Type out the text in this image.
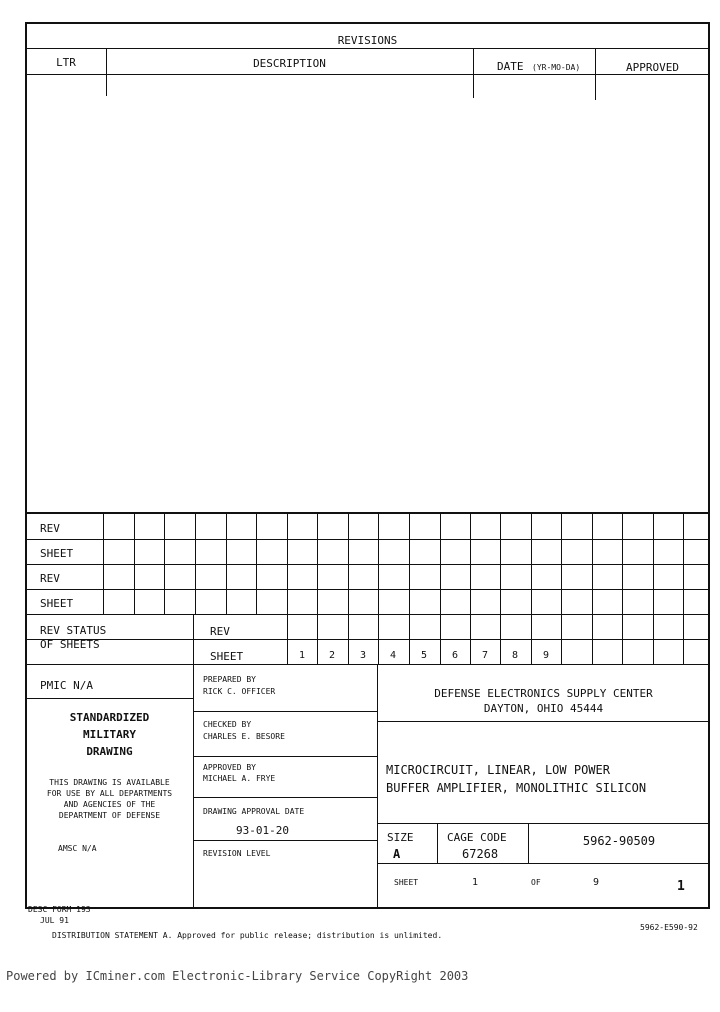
REVISIONS
LTR	DESCRIPTION	DATE (YR-MO-DA)	APPROVED
REV
SHEET
REV
SHEET
REV STATUS
OF SHEETS
REV
SHEET	1	2	3	4	5	6	7	8	9
PMIC N/A
STANDARDIZED
MILITARY
DRAWING
THIS DRAWING IS AVAILABLE
FOR USE BY ALL DEPARTMENTS
AND AGENCIES OF THE
DEPARTMENT OF DEFENSE
AMSC N/A
PREPARED BY
RICK C. OFFICER
CHECKED BY
CHARLES E. BESORE
APPROVED BY
MICHAEL A. FRYE
DRAWING APPROVAL DATE
93-01-20
REVISION LEVEL
DEFENSE ELECTRONICS SUPPLY CENTER
DAYTON, OHIO 45444
MICROCIRCUIT, LINEAR, LOW POWER
BUFFER AMPLIFIER, MONOLITHIC SILICON
SIZE
A
CAGE CODE
67268
5962-90509
SHEET	1	OF	9	1
DESC FORM 193
JUL 91
DISTRIBUTION STATEMENT A. Approved for public release; distribution is unlimited.
5962-E590-92
Powered by ICminer.com Electronic-Library Service CopyRight 2003
